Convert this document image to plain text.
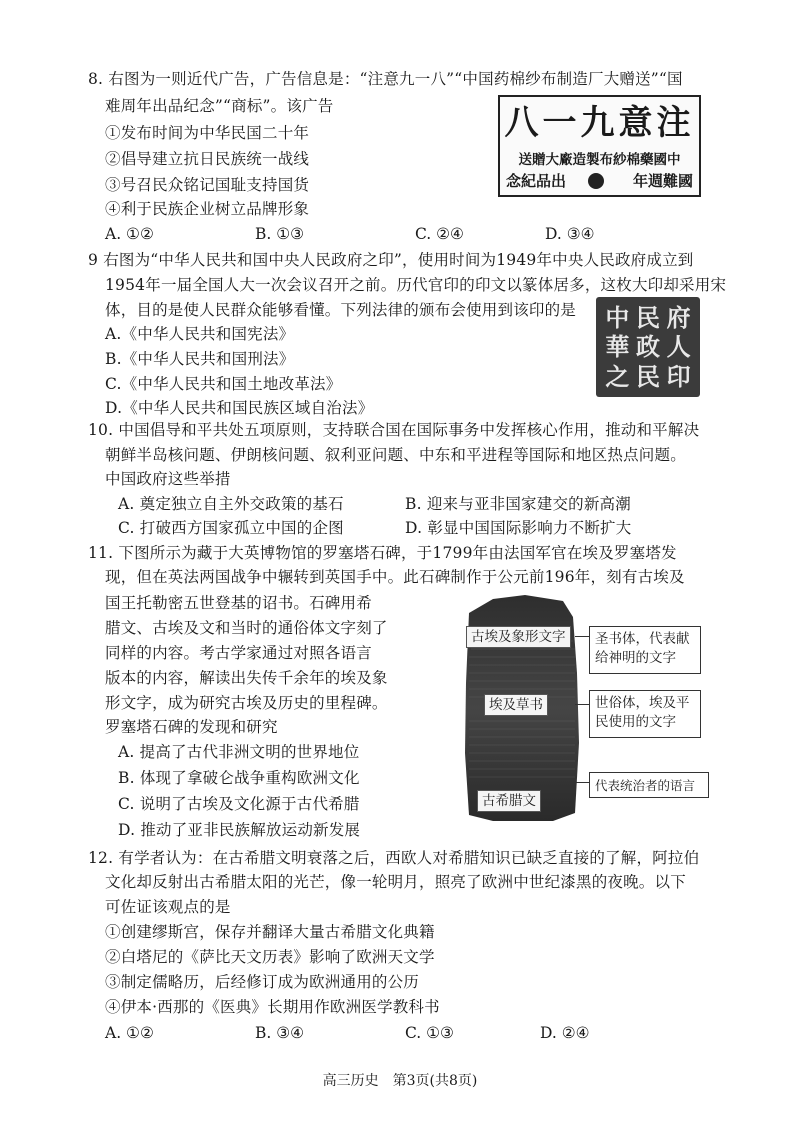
8. 右图为一则近代广告，广告信息是：“注意九一八”“中国药棉纱布制造厂大赠送”“国
难周年出品纪念”“商标”。该广告
①发布时间为中华民国二十年
②倡导建立抗日民族统一战线
③号召民众铭记国耻支持国货
④利于民族企业树立品牌形象
A. ①②	B. ①③	C. ②④	D. ③④
八一九意注
送贈大廠造製布紗棉藥國中
念紀品出	年週難國
9 右图为“中华人民共和国中央人民政府之印”，使用时间为1949年中央人民政府成立到
1954年一届全国人大一次会议召开之前。历代官印的印文以篆体居多，这枚大印却采用宋
体，目的是使人民群众能够看懂。下列法律的颁布会使用到该印的是
A.《中华人民共和国宪法》
B.《中华人民共和国刑法》
C.《中华人民共和国土地改革法》
D.《中华人民共和国民族区域自治法》
中 民 府
華 政 人
之 民 印
10. 中国倡导和平共处五项原则，支持联合国在国际事务中发挥核心作用，推动和平解决
朝鲜半岛核问题、伊朗核问题、叙利亚问题、中东和平进程等国际和地区热点问题。
中国政府这些举措
A. 奠定独立自主外交政策的基石	B. 迎来与亚非国家建交的新高潮
C. 打破西方国家孤立中国的企图	D. 彰显中国国际影响力不断扩大
11. 下图所示为藏于大英博物馆的罗塞塔石碑，于1799年由法国军官在埃及罗塞塔发
现，但在英法两国战争中辗转到英国手中。此石碑制作于公元前196年，刻有古埃及
国王托勒密五世登基的诏书。石碑用希
腊文、古埃及文和当时的通俗体文字刻了
同样的内容。考古学家通过对照各语言
版本的内容，解读出失传千余年的埃及象
形文字，成为研究古埃及历史的里程碑。
罗塞塔石碑的发现和研究
A. 提高了古代非洲文明的世界地位
B. 体现了拿破仑战争重构欧洲文化
C. 说明了古埃及文化源于古代希腊
D. 推动了亚非民族解放运动新发展
古埃及象形文字
埃及草书
古希腊文
圣书体，代表献给神明的文字
世俗体，埃及平民使用的文字
代表统治者的语言
12. 有学者认为：在古希腊文明衰落之后，西欧人对希腊知识已缺乏直接的了解，阿拉伯
文化却反射出古希腊太阳的光芒，像一轮明月，照亮了欧洲中世纪漆黑的夜晚。以下
可佐证该观点的是
①创建缪斯宫，保存并翻译大量古希腊文化典籍
②白塔尼的《萨比天文历表》影响了欧洲天文学
③制定儒略历，后经修订成为欧洲通用的公历
④伊本·西那的《医典》长期用作欧洲医学教科书
A. ①②	B. ③④	C. ①③	D. ②④
高三历史　第3页(共8页)
